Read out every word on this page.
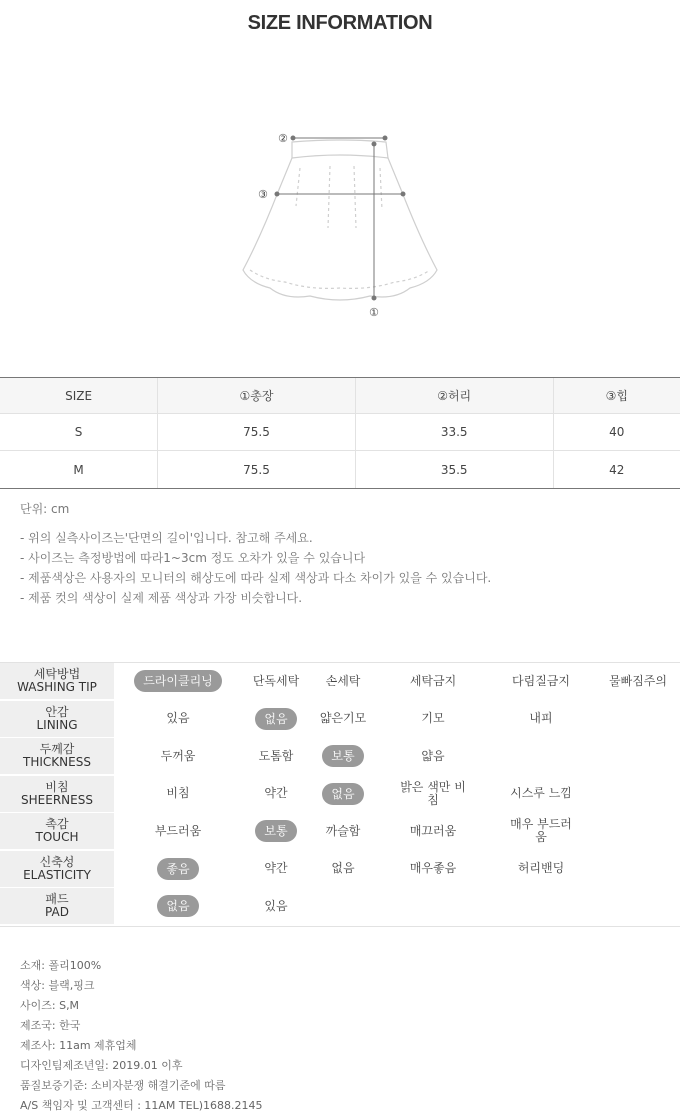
SIZE INFORMATION
②
③
①
SIZE	①총장	②허리	③힙
S	75.5	33.5	40
M	75.5	35.5	42
단위: cm
- 위의 실측사이즈는'단면의 길이'입니다. 참고해 주세요.
- 사이즈는 측정방법에 따라1~3cm 정도 오차가 있을 수 있습니다
- 제품색상은 사용자의 모니터의 해상도에 따라 실제 색상과 다소 차이가 있을 수 있습니다.
- 제품 컷의 색상이 실제 제품 색상과 가장 비슷합니다.
세탁방법
WASHING TIP	드라이클리닝	단독세탁 손세탁	세탁금지	다림질금지	물빠짐주의
안감
LINING	있음	없음	얇은기모	기모	내피
두께감
THICKNESS	두꺼움	도톰함	보통	얇음
비침
SHEERNESS	비침	약간	없음	밝은 색만 비침	시스루 느낌
촉감
TOUCH	부드러움	보통	까슬함	매끄러움	매우 부드러움
신축성
ELASTICITY	좋음	약간	없음	매우좋음	허리밴딩
패드
PAD	없음	있음
소재: 폴리100%
색상: 블랙,핑크
사이즈: S,M
제조국: 한국
제조사: 11am 제휴업체
디자인팀제조년일: 2019.01 이후
품질보증기준: 소비자분쟁 해결기준에 따름
A/S 책임자 및 고객센터 : 11AM TEL)1688.2145
